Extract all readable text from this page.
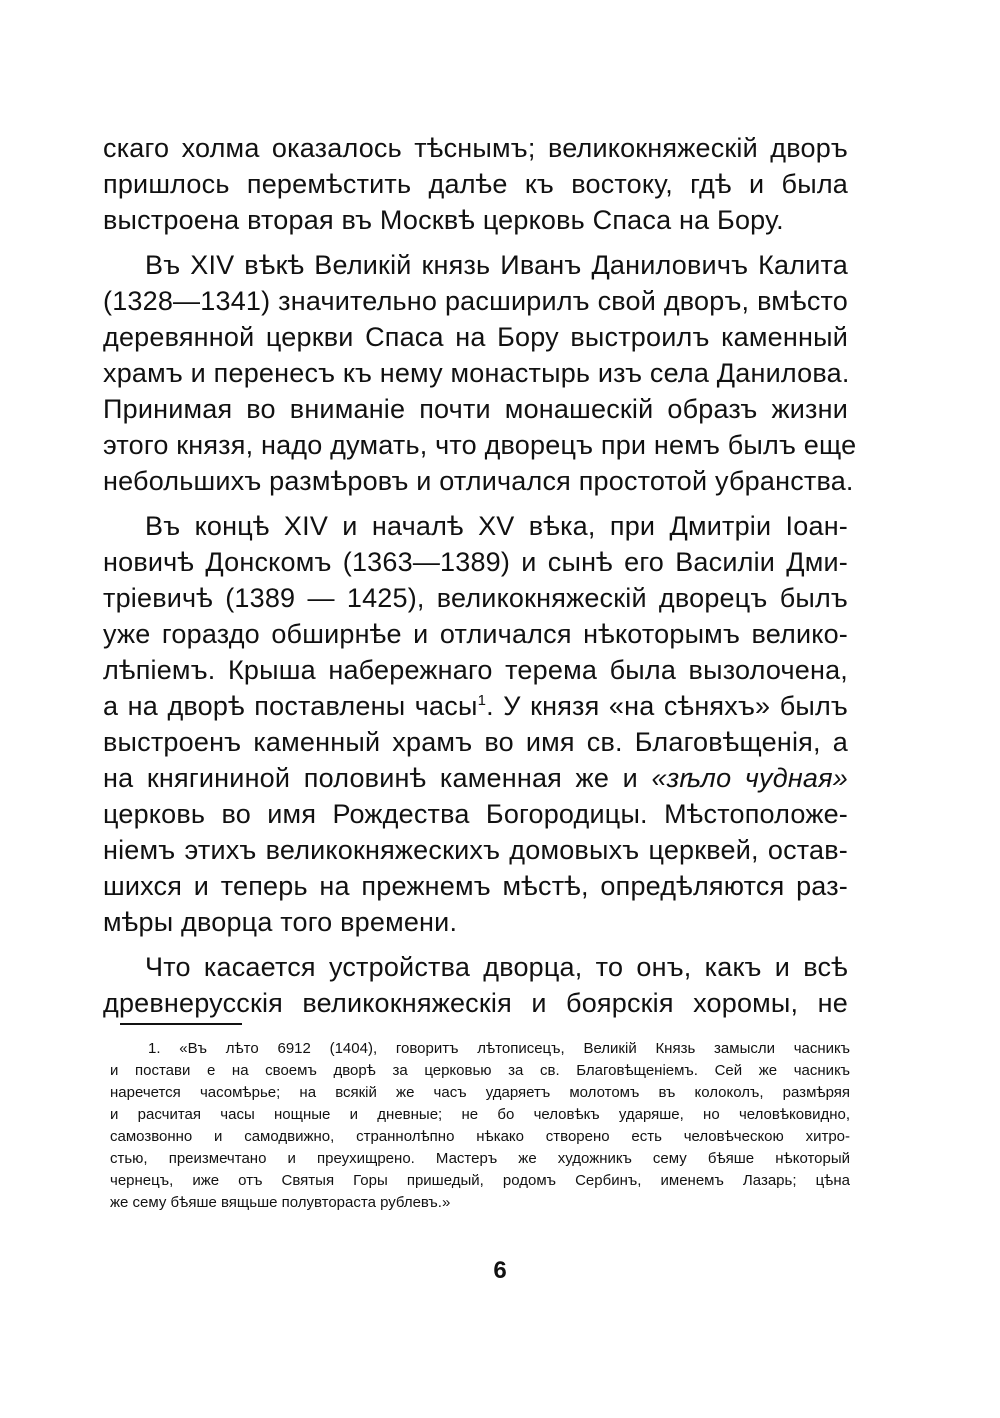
скаго холма оказалось тѣснымъ; великокняжескій дворъ
пришлось перемѣстить далѣе къ востоку, гдѣ и была
выстроена вторая въ Москвѣ церковь Спаса на Бору.
Въ XIV вѣкѣ Великій князь Иванъ Даниловичъ Калита
(1328—1341) значительно расширилъ свой дворъ, вмѣсто
деревянной церкви Спаса на Бору выстроилъ каменный
храмъ и перенесъ къ нему монастырь изъ села Данилова.
Принимая во вниманіе почти монашескій образъ жизни
этого князя, надо думать, что дворецъ при немъ былъ еще
небольшихъ размѣровъ и отличался простотой убранства.
Въ концѣ XIV и началѣ XV вѣка, при Дмитріи Іоан-
новичѣ Донскомъ (1363—1389) и сынѣ его Василіи Дми-
тріевичѣ (1389 — 1425), великокняжескій дворецъ былъ
уже гораздо обширнѣе и отличался нѣкоторымъ велико-
лѣпіемъ. Крыша набережнаго терема была вызолочена,
а на дворѣ поставлены часы$^1$. У князя «на сѣняхъ» былъ
выстроенъ каменный храмъ во имя св. Благовѣщенія, а
на княгининой половинѣ каменная же и «зѣло чудная»
церковь во имя Рождества Богородицы. Мѣстоположе-
ніемъ этихъ великокняжескихъ домовыхъ церквей, остав-
шихся и теперь на прежнемъ мѣстѣ, опредѣляются раз-
мѣры дворца того времени.
Что касается устройства дворца, то онъ, какъ и всѣ
древнерусскія великокняжескія и боярскія хоромы, не
1. «Въ лѣто 6912 (1404), говоритъ лѣтописецъ, Великій Князь замысли часникъ
и постави е на своемъ дворѣ за церковью за св. Благовѣщеніемъ. Сей же часникъ
наречется часомѣрье; на всякій же часъ ударяетъ молотомъ въ колоколъ, размѣряя
и расчитая часы нощные и дневные; не бо человѣкъ ударяше, но человѣковидно,
самозвонно и самодвижно, страннолѣпно нѣкако створено есть человѣческою хитро-
стью, преизмечтано и преухищрено. Мастеръ же художникъ сему бѣяше нѣкоторый
чернецъ, иже отъ Святыя Горы пришедый, родомъ Сербинъ, именемъ Лазарь; цѣна
же сему бѣяше вящьше полувтораста рублевъ.»
6
